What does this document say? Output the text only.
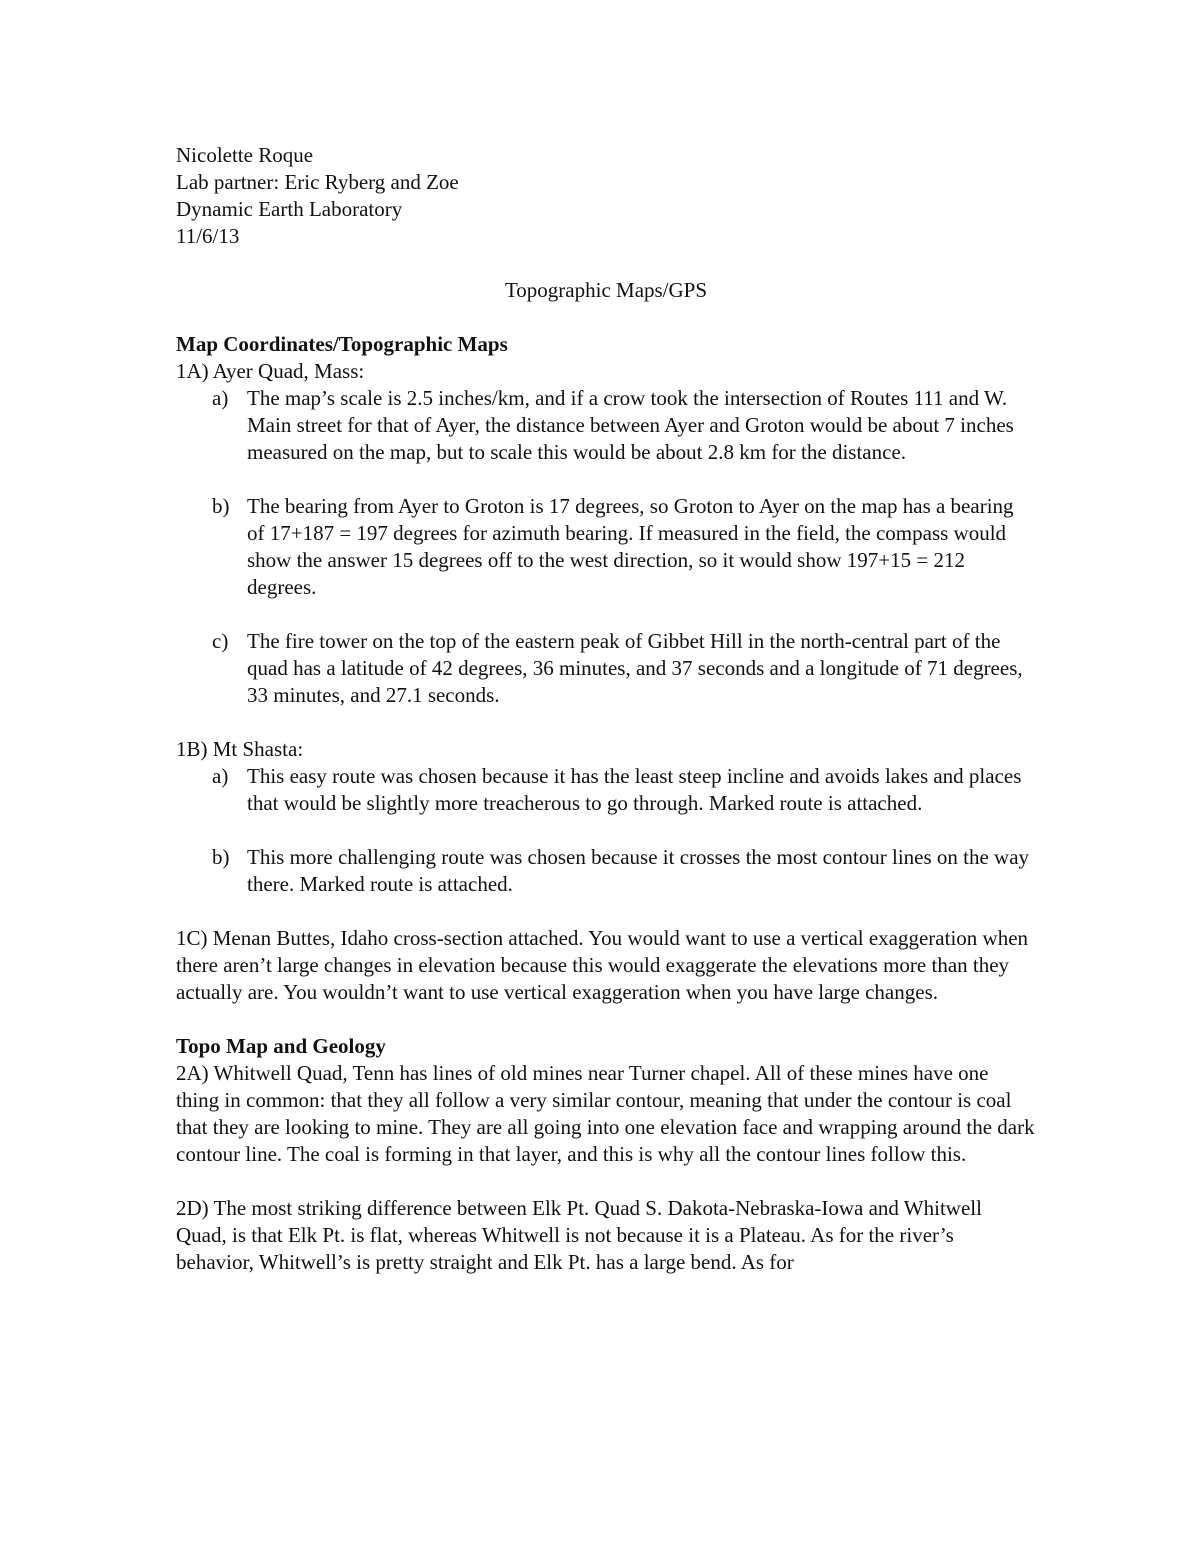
Nicolette Roque

Lab partner: Eric Ryberg and Zoe

Dynamic Earth Laboratory

11/6/13

Topographic Maps/GPS

Map Coordinates/Topographic Maps

1A) Ayer Quad, Mass:

a) The map’s scale is 2.5 inches/km, and if a crow took the intersection of Routes 111 and W. Main street for that of Ayer, the distance between Ayer and Groton would be about 7 inches measured on the map, but to scale this would be about 2.8 km for the distance.
b) The bearing from Ayer to Groton is 17 degrees, so Groton to Ayer on the map has a bearing of 17+187 = 197 degrees for azimuth bearing. If measured in the field, the compass would show the answer 15 degrees off to the west direction, so it would show 197+15 = 212 degrees.
c) The fire tower on the top of the eastern peak of Gibbet Hill in the north-central part of the quad has a latitude of 42 degrees, 36 minutes, and 37 seconds and a longitude of 71 degrees, 33 minutes, and 27.1 seconds.

1B) Mt Shasta:

a) This easy route was chosen because it has the least steep incline and avoids lakes and places that would be slightly more treacherous to go through. Marked route is attached.
b) This more challenging route was chosen because it crosses the most contour lines on the way there. Marked route is attached.

1C) Menan Buttes, Idaho cross-section attached. You would want to use a vertical exaggeration when there aren’t large changes in elevation because this would exaggerate the elevations more than they actually are. You wouldn’t want to use vertical exaggeration when you have large changes.

Topo Map and Geology

2A) Whitwell Quad, Tenn has lines of old mines near Turner chapel. All of these mines have one thing in common: that they all follow a very similar contour, meaning that under the contour is coal that they are looking to mine. They are all going into one elevation face and wrapping around the dark contour line. The coal is forming in that layer, and this is why all the contour lines follow this.

2D) The most striking difference between Elk Pt. Quad S. Dakota-Nebraska-Iowa and Whitwell Quad, is that Elk Pt. is flat, whereas Whitwell is not because it is a Plateau. As for the river’s behavior, Whitwell’s is pretty straight and Elk Pt. has a large bend. As for
